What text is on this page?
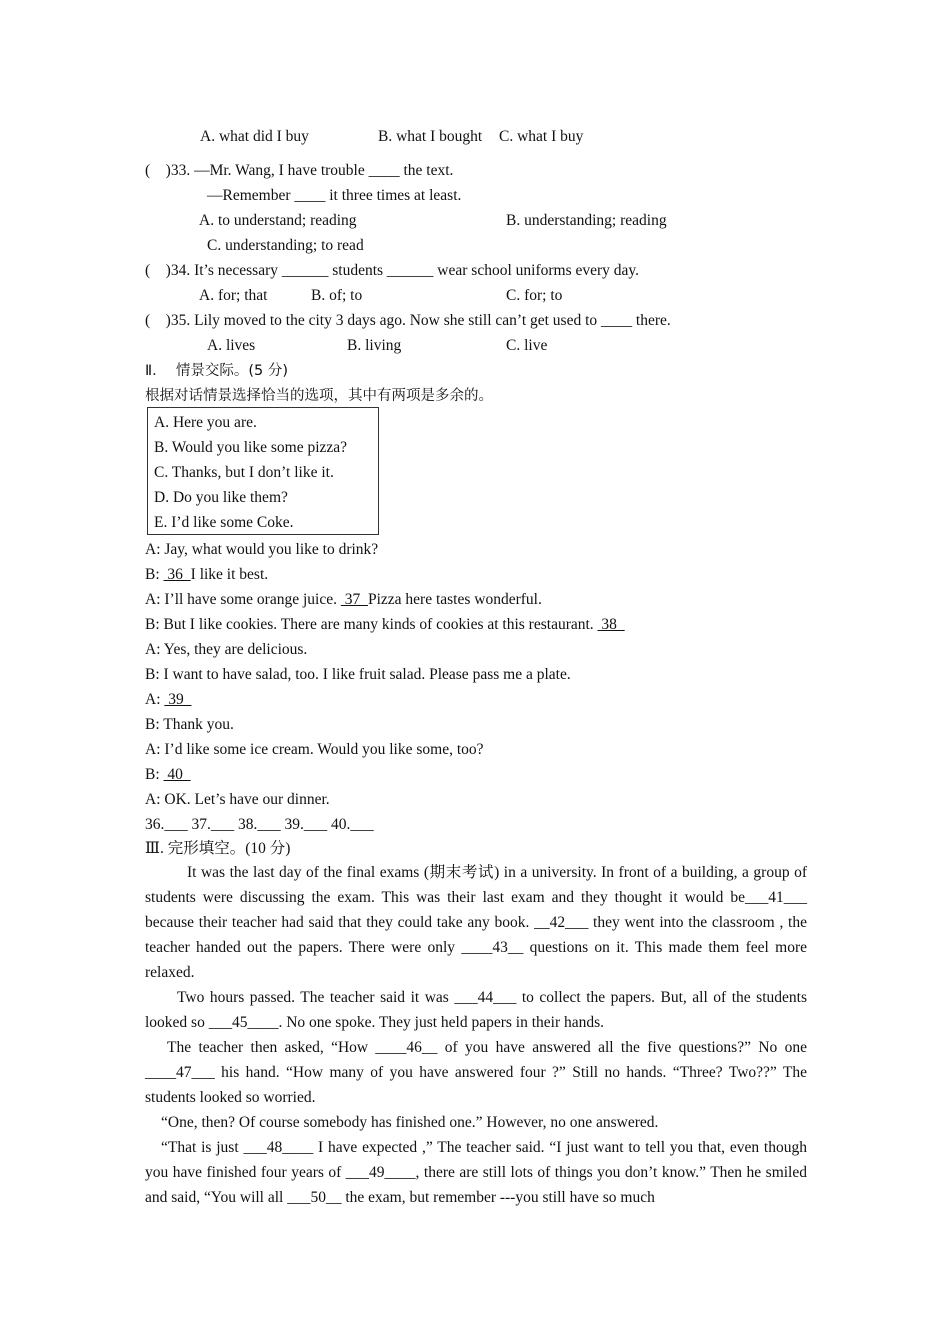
A. what did I buy	B. what I bought C. what I buy
(    )33. —Mr. Wang, I have trouble ____ the text.
—Remember ____ it three times at least.
A. to understand; reading	B. understanding; reading
C. understanding; to read
(    )34. It’s necessary ______ students ______ wear school uniforms every day.
A. for; that	B. of; to	C. for; to
(    )35. Lily moved to the city 3 days ago. Now she still can’t get used to ____ there.
A. lives	B. living	C. live
Ⅱ．  情景交际。(5 分)
根据对话情景选择恰当的选项，其中有两项是多余的。
A. Here you are.
B. Would you like some pizza?
C. Thanks, but I don’t like it.
D. Do you like them?
E. I’d like some Coke.
A: Jay, what would you like to drink?
B:  36  I like it best.
A: I’ll have some orange juice.  37  Pizza here tastes wonderful.
B: But I like cookies. There are many kinds of cookies at this restaurant.  38
A: Yes, they are delicious.
B: I want to have salad, too. I like fruit salad. Please pass me a plate.
A:  39
B: Thank you.
A: I’d like some ice cream. Would you like some, too?
B:  40
A: OK. Let’s have our dinner.
36.___ 37.___ 38.___ 39.___ 40.___
Ⅲ. 完形填空。(10 分)
It was the last day of the final exams (期末考试) in a university. In front of a building, a group of students were discussing the exam. This was their last exam and they thought it would be___41___ because their teacher had said that they could take any book. __42___ they went into the classroom , the teacher handed out the papers. There were only ____43__ questions on it. This made them feel more relaxed.
Two hours passed. The teacher said it was ___44___ to collect the papers. But, all of the students looked so ___45____. No one spoke. They just held papers in their hands.
The teacher then asked, “How ____46__ of you have answered all the five questions?” No one ____47___ his hand. “How many of you have answered four ?” Still no hands. “Three? Two??” The students looked so worried.
“One, then? Of course somebody has finished one.” However, no one answered.
“That is just ___48____ I have expected ,” The teacher said. “I just want to tell you that, even though you have finished four years of ___49____, there are still lots of things you don’t know.” Then he smiled and said, “You will all ___50__ the exam, but remember ---you still have so much
